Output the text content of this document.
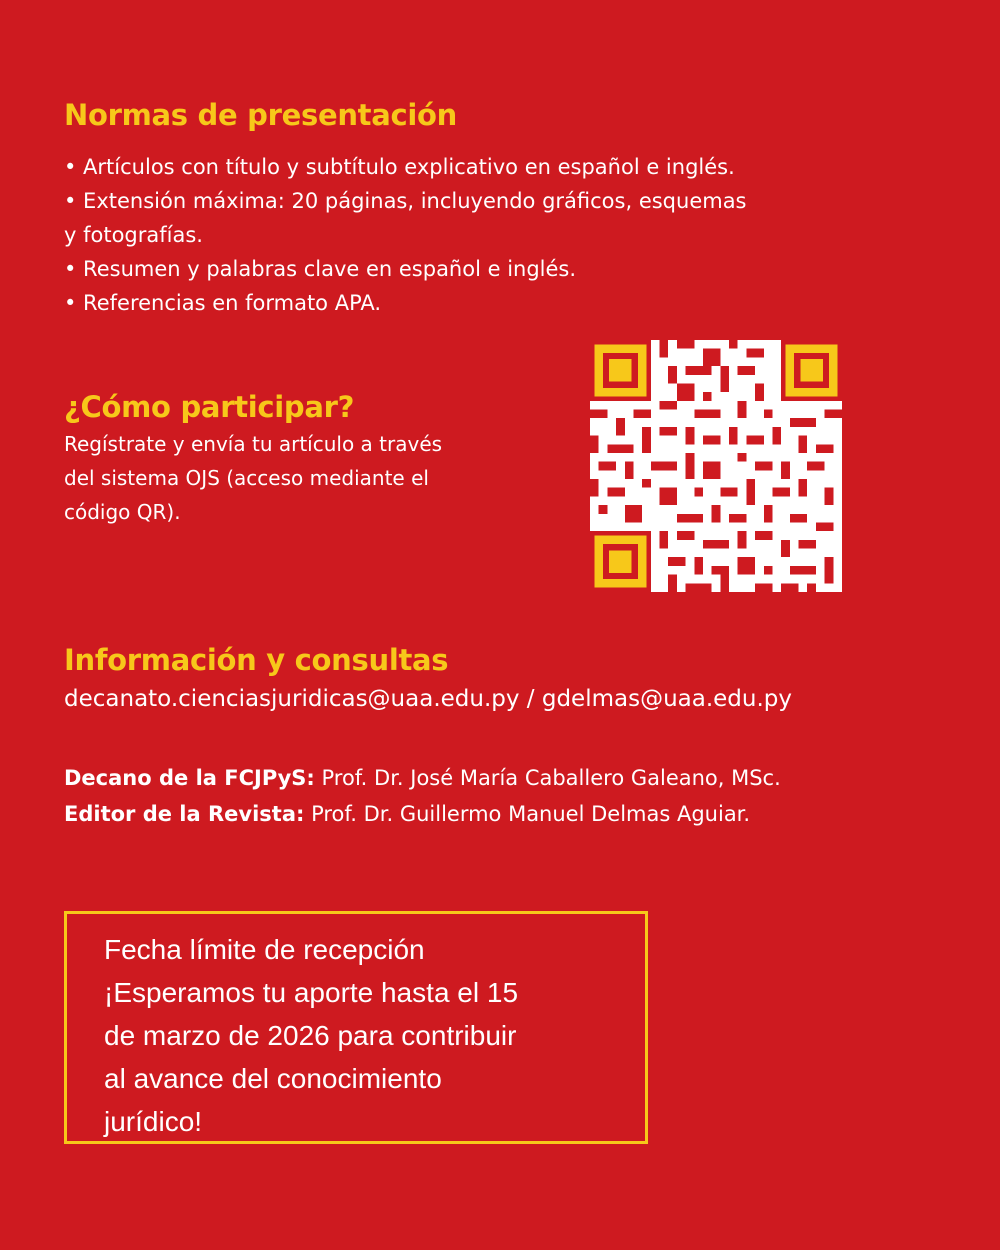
Normas de presentación
• Artículos con título y subtítulo explicativo en español e inglés.
• Extensión máxima: 20 páginas, incluyendo gráficos, esquemas
y fotografías.
• Resumen y palabras clave en español e inglés.
• Referencias en formato APA.
¿Cómo participar?
Regístrate y envía tu artículo a través
del sistema OJS (acceso mediante el
código QR).
Información y consultas
decanato.cienciasjuridicas@uaa.edu.py / gdelmas@uaa.edu.py
Decano de la FCJPyS: Prof. Dr. José María Caballero Galeano, MSc.
Editor de la Revista: Prof. Dr. Guillermo Manuel Delmas Aguiar.
Fecha límite de recepción
¡Esperamos tu aporte hasta el 15
de marzo de 2026 para contribuir
al avance del conocimiento
jurídico!
